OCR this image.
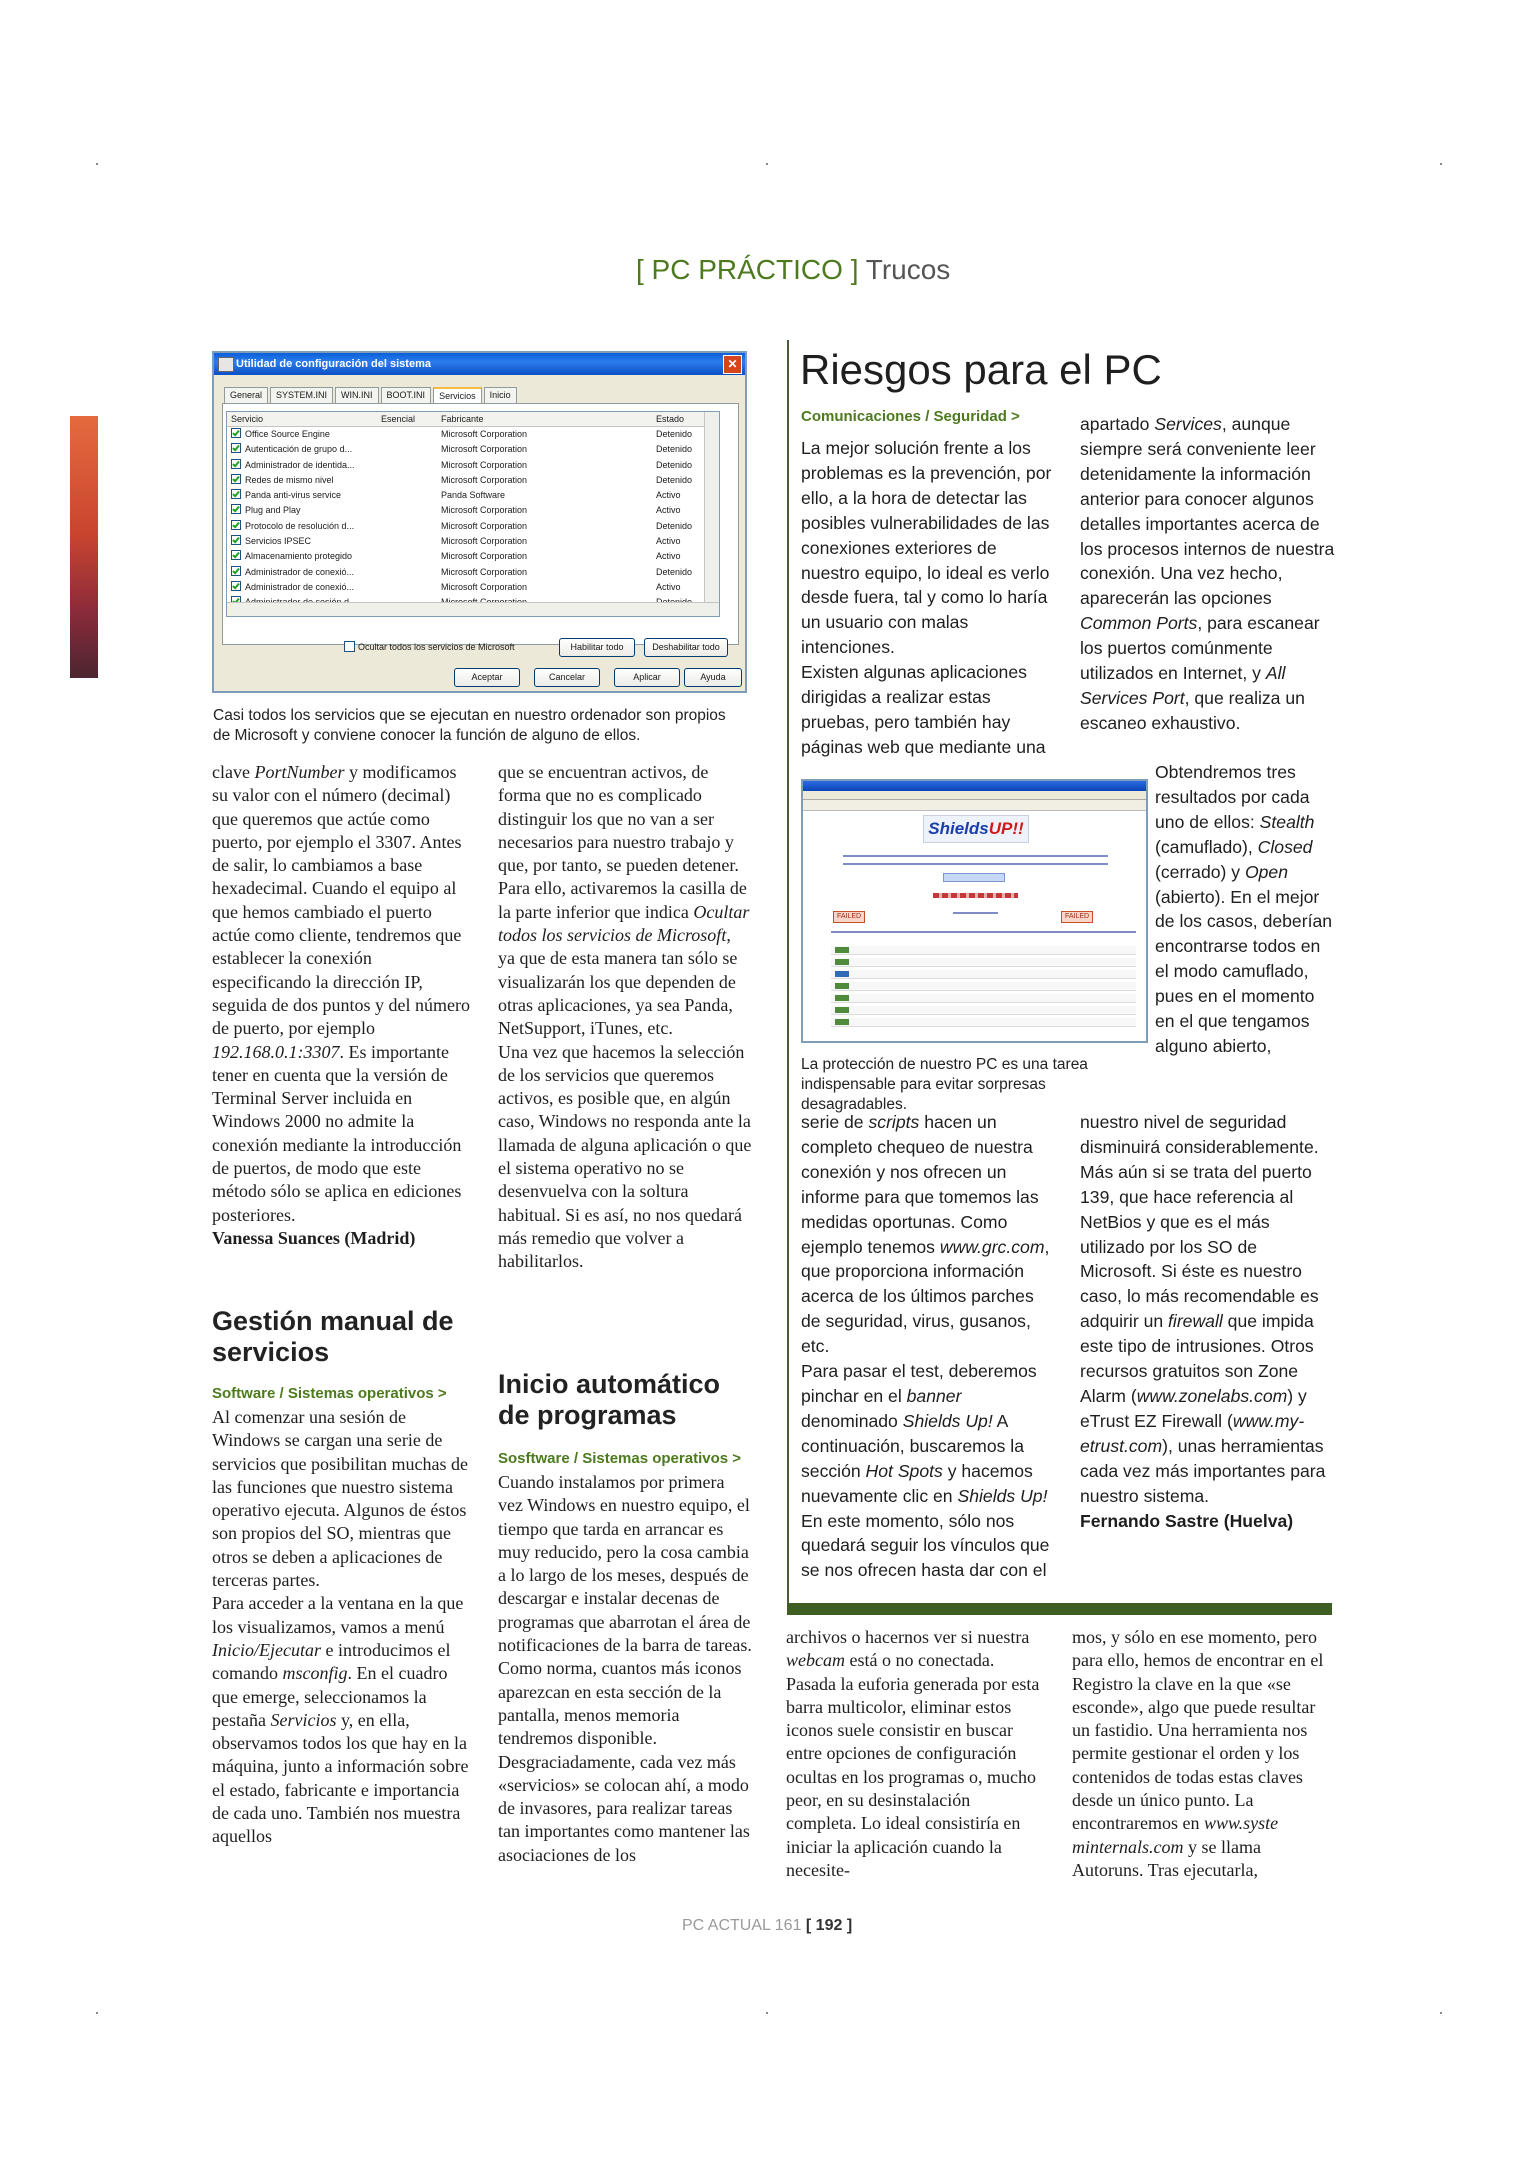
[ PC PRÁCTICO ] Trucos
Utilidad de configuración del sistema	✕
General	SYSTEM.INI	WIN.INI	BOOT.INI	Servicios	Inicio
Servicio	Esencial	Fabricante	Estado
Office Source Engine	Microsoft Corporation	Detenido
Autenticación de grupo d...	Microsoft Corporation	Detenido
Administrador de identida...	Microsoft Corporation	Detenido
Redes de mismo nivel	Microsoft Corporation	Detenido
Panda anti-virus service	Panda Software	Activo
Plug and Play	Microsoft Corporation	Activo
Protocolo de resolución d...	Microsoft Corporation	Detenido
Servicios IPSEC	Microsoft Corporation	Activo
Almacenamiento protegido	Microsoft Corporation	Activo
Administrador de conexió...	Microsoft Corporation	Detenido
Administrador de conexió...	Microsoft Corporation	Activo
Ocultar todos los servicios de Microsoft	Habilitar todo	Deshabilitar todo
Aceptar	Cancelar	Aplicar	Ayuda
Casi todos los servicios que se ejecutan en nuestro ordenador son propios de Microsoft y conviene conocer la función de alguno de ellos.

clave PortNumber y modificamos su valor con el número (decimal) que queremos que actúe como puerto, por ejemplo el 3307. Antes de salir, lo cambiamos a base hexadecimal. Cuando el equipo al que hemos cambiado el puerto actúe como cliente, tendremos que establecer la conexión especificando la dirección IP, seguida de dos puntos y del número de puerto, por ejemplo 192.168.0.1:3307. Es importante tener en cuenta que la versión de Terminal Server incluida en Windows 2000 no admite la conexión mediante la introducción de puertos, de modo que este método sólo se aplica en ediciones posteriores.

Vanessa Suances (Madrid)

Gestión manual de servicios
Software / Sistemas operativos >

Al comenzar una sesión de Windows se cargan una serie de servicios que posibilitan muchas de las funciones que nuestro sistema operativo ejecuta. Algunos de éstos son propios del SO, mientras que otros se deben a aplicaciones de terceras partes.

Para acceder a la ventana en la que los visualizamos, vamos a menú Inicio/Ejecutar e introducimos el comando msconfig. En el cuadro que emerge, seleccionamos la pestaña Servicios y, en ella, observamos todos los que hay en la máquina, junto a información sobre el estado, fabricante e importancia de cada uno. También nos muestra aquellos

que se encuentran activos, de forma que no es complicado distinguir los que no van a ser necesarios para nuestro trabajo y que, por tanto, se pueden detener. Para ello, activaremos la casilla de la parte inferior que indica Ocultar todos los servicios de Microsoft, ya que de esta manera tan sólo se visualizarán los que dependen de otras aplicaciones, ya sea Panda, NetSupport, iTunes, etc.

Una vez que hacemos la selección de los servicios que queremos activos, es posible que, en algún caso, Windows no responda ante la llamada de alguna aplicación o que el sistema operativo no se desenvuelva con la soltura habitual. Si es así, no nos quedará más remedio que volver a habilitarlos.

Inicio automático de programas
Sosftware / Sistemas operativos >

Cuando instalamos por primera vez Windows en nuestro equipo, el tiempo que tarda en arrancar es muy reducido, pero la cosa cambia a lo largo de los meses, después de descargar e instalar decenas de programas que abarrotan el área de notificaciones de la barra de tareas. Como norma, cuantos más iconos aparezcan en esta sección de la pantalla, menos memoria tendremos disponible.

Desgraciadamente, cada vez más «servicios» se colocan ahí, a modo de invasores, para realizar tareas tan importantes como mantener las asociaciones de los

Riesgos para el PC
Comunicaciones / Seguridad >

La mejor solución frente a los problemas es la prevención, por ello, a la hora de detectar las posibles vulnerabilidades de las conexiones exteriores de nuestro equipo, lo ideal es verlo desde fuera, tal y como lo haría un usuario con malas intenciones.

Existen algunas aplicaciones dirigidas a realizar estas pruebas, pero también hay páginas web que mediante una

apartado Services, aunque siempre será conveniente leer detenidamente la información anterior para conocer algunos detalles importantes acerca de los procesos internos de nuestra conexión. Una vez hecho, aparecerán las opciones Common Ports, para escanear los puertos comúnmente utilizados en Internet, y All Services Port, que realiza un escaneo exhaustivo.

Obtendremos tres resultados por cada uno de ellos: Stealth (camuflado), Closed (cerrado) y Open (abierto). En el mejor de los casos, deberían encontrarse todos en el modo camuflado, pues en el momento en el que tengamos alguno abierto,

ShieldsUP!!
FAILED	FAILED
La protección de nuestro PC es una tarea indispensable para evitar sorpresas desagradables.

serie de scripts hacen un completo chequeo de nuestra conexión y nos ofrecen un informe para que tomemos las medidas oportunas. Como ejemplo tenemos www.grc.com, que proporciona información acerca de los últimos parches de seguridad, virus, gusanos, etc.

Para pasar el test, deberemos pinchar en el banner denominado Shields Up! A continuación, buscaremos la sección Hot Spots y hacemos nuevamente clic en Shields Up! En este momento, sólo nos quedará seguir los vínculos que se nos ofrecen hasta dar con el

nuestro nivel de seguridad disminuirá considerablemente. Más aún si se trata del puerto 139, que hace referencia al NetBios y que es el más utilizado por los SO de Microsoft. Si éste es nuestro caso, lo más recomendable es adquirir un firewall que impida este tipo de intrusiones. Otros recursos gratuitos son Zone Alarm (www.zonelabs.com) y eTrust EZ Firewall (www.my-etrust.com), unas herramientas cada vez más importantes para nuestro sistema.

Fernando Sastre (Huelva)

archivos o hacernos ver si nuestra webcam está o no conectada. Pasada la euforia generada por esta barra multicolor, eliminar estos iconos suele consistir en buscar entre opciones de configuración ocultas en los programas o, mucho peor, en su desinstalación completa. Lo ideal consistiría en iniciar la aplicación cuando la necesite-

mos, y sólo en ese momento, pero para ello, hemos de encontrar en el Registro la clave en la que «se esconde», algo que puede resultar un fastidio. Una herramienta nos permite gestionar el orden y los contenidos de todas estas claves desde un único punto. La encontraremos en www.syste minternals.com y se llama Autoruns. Tras ejecutarla,

PC ACTUAL 161 [ 192 ]
